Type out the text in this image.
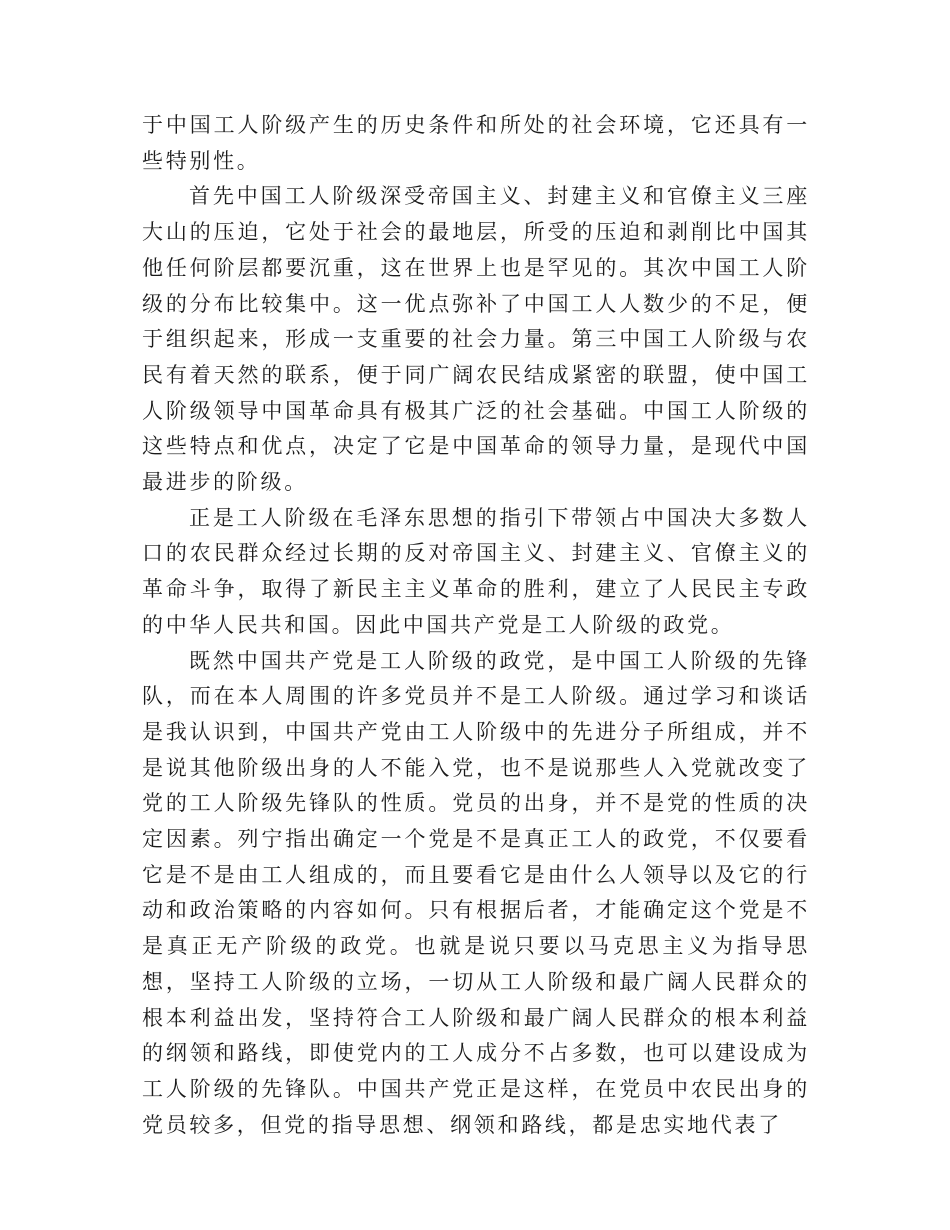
于中国工人阶级产生的历史条件和所处的社会环境，它还具有一些特别性。

首先中国工人阶级深受帝国主义、封建主义和官僚主义三座大山的压迫，它处于社会的最地层，所受的压迫和剥削比中国其他任何阶层都要沉重，这在世界上也是罕见的。其次中国工人阶级的分布比较集中。这一优点弥补了中国工人人数少的不足，便于组织起来，形成一支重要的社会力量。第三中国工人阶级与农民有着天然的联系，便于同广阔农民结成紧密的联盟，使中国工人阶级领导中国革命具有极其广泛的社会基础。中国工人阶级的这些特点和优点，决定了它是中国革命的领导力量，是现代中国最进步的阶级。

正是工人阶级在毛泽东思想的指引下带领占中国决大多数人口的农民群众经过长期的反对帝国主义、封建主义、官僚主义的革命斗争，取得了新民主主义革命的胜利，建立了人民民主专政的中华人民共和国。因此中国共产党是工人阶级的政党。

既然中国共产党是工人阶级的政党，是中国工人阶级的先锋队，而在本人周围的许多党员并不是工人阶级。通过学习和谈话是我认识到，中国共产党由工人阶级中的先进分子所组成，并不是说其他阶级出身的人不能入党，也不是说那些人入党就改变了党的工人阶级先锋队的性质。党员的出身，并不是党的性质的决定因素。列宁指出确定一个党是不是真正工人的政党，不仅要看它是不是由工人组成的，而且要看它是由什么人领导以及它的行动和政治策略的内容如何。只有根据后者，才能确定这个党是不是真正无产阶级的政党。也就是说只要以马克思主义为指导思想，坚持工人阶级的立场，一切从工人阶级和最广阔人民群众的根本利益出发，坚持符合工人阶级和最广阔人民群众的根本利益的纲领和路线，即使党内的工人成分不占多数，也可以建设成为工人阶级的先锋队。中国共产党正是这样，在党员中农民出身的党员较多，但党的指导思想、纲领和路线，都是忠实地代表了
